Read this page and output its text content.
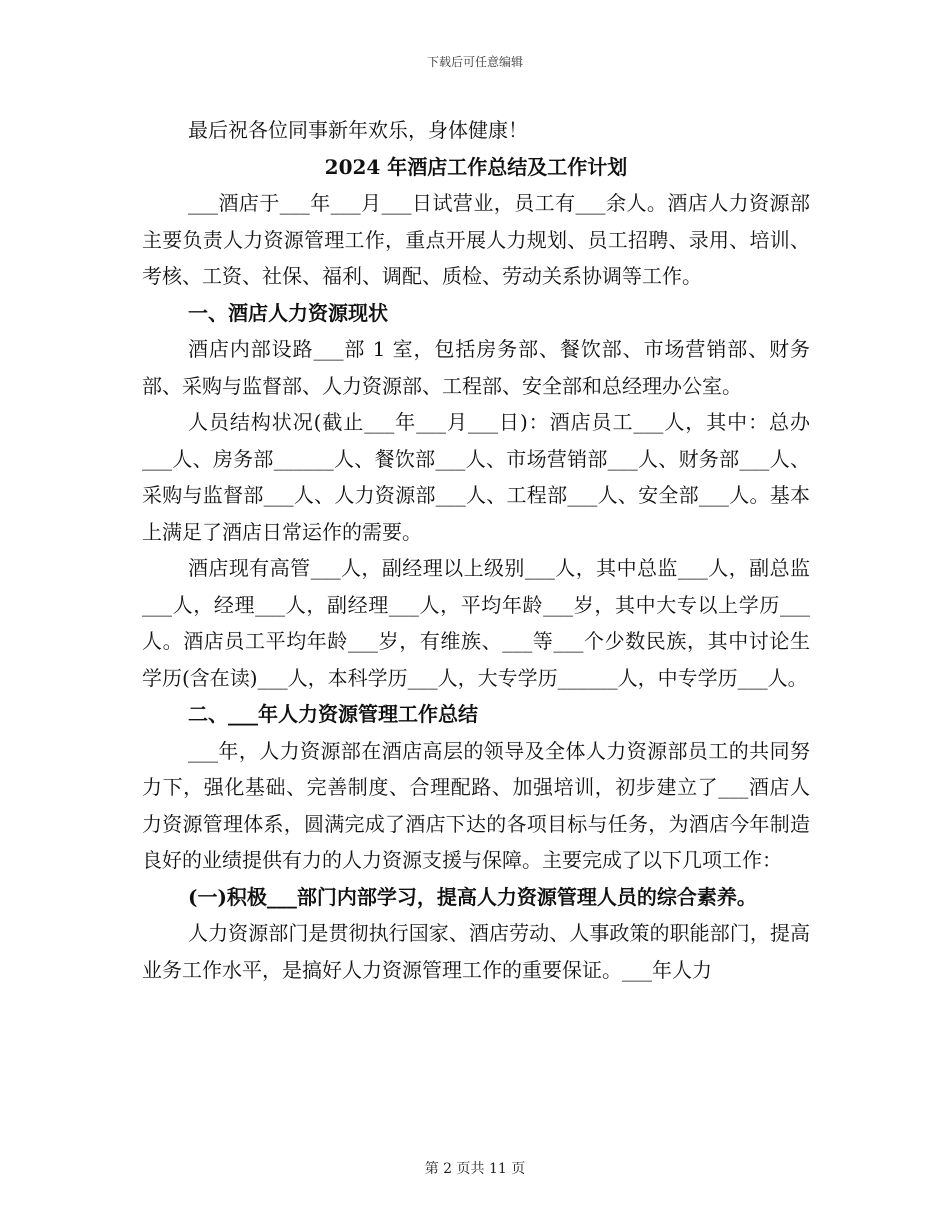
下载后可任意编辑

最后祝各位同事新年欢乐，身体健康！

2024 年酒店工作总结及工作计划

___酒店于___年___月___日试营业，员工有___余人。酒店人力资源部主要负责人力资源管理工作，重点开展人力规划、员工招聘、录用、培训、考核、工资、社保、福利、调配、质检、劳动关系协调等工作。

一、酒店人力资源现状

酒店内部设路___部 1 室，包括房务部、餐饮部、市场营销部、财务部、采购与监督部、人力资源部、工程部、安全部和总经理办公室。

人员结构状况(截止___年___月___日)：酒店员工___人，其中：总办___人、房务部______人、餐饮部___人、市场营销部___人、财务部___人、采购与监督部___人、人力资源部___人、工程部___人、安全部___人。基本上满足了酒店日常运作的需要。

酒店现有高管___人，副经理以上级别___人，其中总监___人，副总监___人，经理___人，副经理___人，平均年龄___岁，其中大专以上学历___人。酒店员工平均年龄___岁，有维族、___等___个少数民族，其中讨论生学历(含在读)___人，本科学历___人，大专学历______人，中专学历___人。

二、___年人力资源管理工作总结

___年，人力资源部在酒店高层的领导及全体人力资源部员工的共同努力下，强化基础、完善制度、合理配路、加强培训，初步建立了___酒店人力资源管理体系，圆满完成了酒店下达的各项目标与任务，为酒店今年制造良好的业绩提供有力的人力资源支援与保障。主要完成了以下几项工作：

(一)积极___部门内部学习，提高人力资源管理人员的综合素养。

人力资源部门是贯彻执行国家、酒店劳动、人事政策的职能部门，提高业务工作水平，是搞好人力资源管理工作的重要保证。___年人力

第 2 页共 11 页
